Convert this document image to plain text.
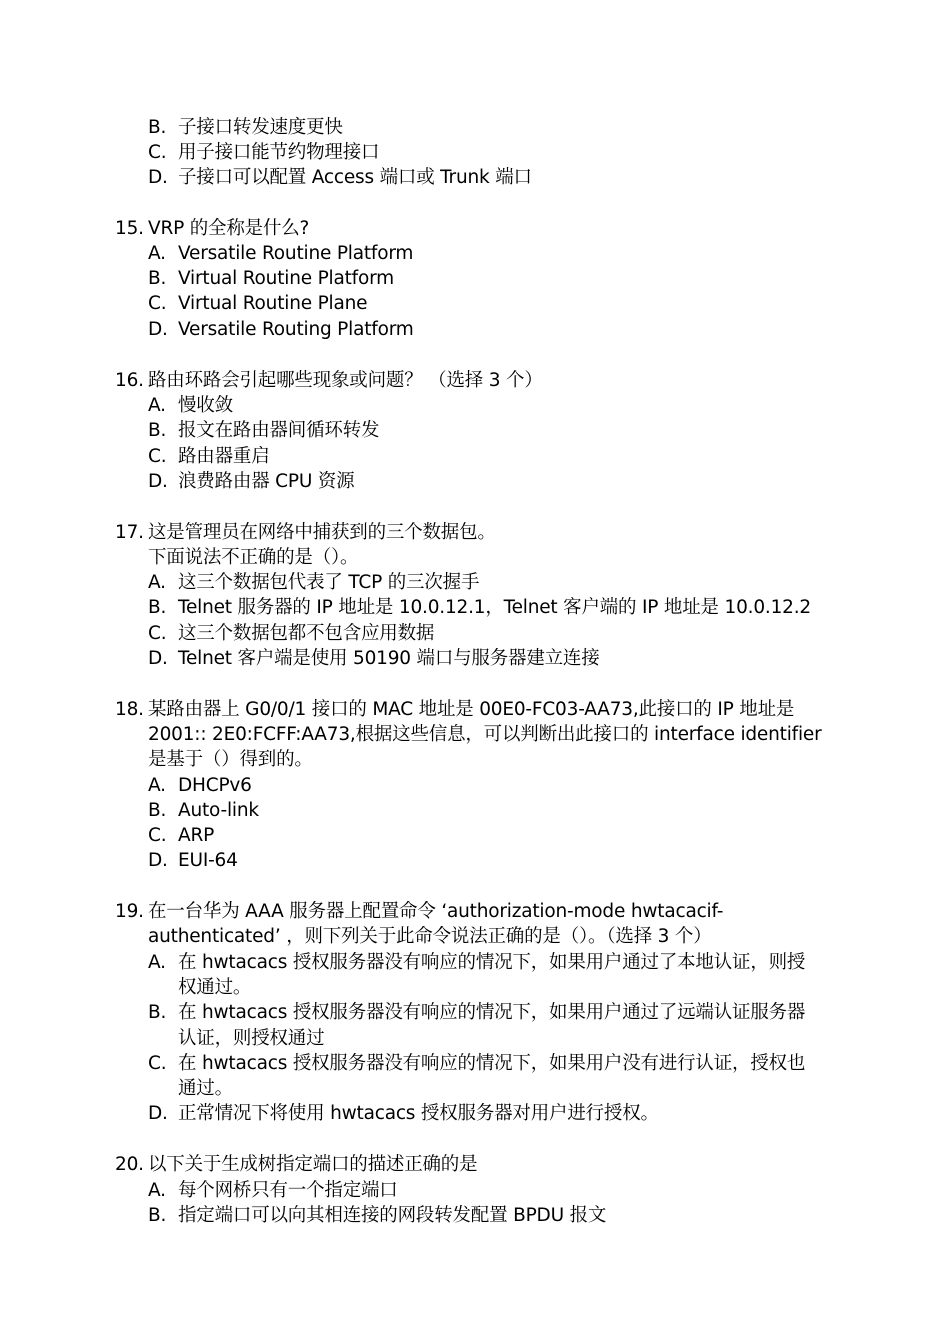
B. 子接口转发速度更快
C. 用子接口能节约物理接口
D. 子接口可以配置 Access 端口或 Trunk 端口
15. VRP 的全称是什么?
A. Versatile Routine Platform
B. Virtual Routine Platform
C. Virtual Routine Plane
D. Versatile Routing Platform
16. 路由环路会引起哪些现象或问题？ （选择 3 个）
A. 慢收敛
B. 报文在路由器间循环转发
C. 路由器重启
D. 浪费路由器 CPU 资源
17. 这是管理员在网络中捕获到的三个数据包。
下面说法不正确的是（）。
A. 这三个数据包代表了 TCP 的三次握手
B. Telnet 服务器的 IP 地址是 10.0.12.1，Telnet 客户端的 IP 地址是 10.0.12.2
C. 这三个数据包都不包含应用数据
D. Telnet 客户端是使用 50190 端口与服务器建立连接
18. 某路由器上 G0/0/1 接口的 MAC 地址是 00E0-FC03-AA73,此接口的 IP 地址是
2001:: 2E0:FCFF:AA73,根据这些信息，可以判断出此接口的 interface identifier
是基于（）得到的。
A. DHCPv6
B. Auto-link
C. ARP
D. EUI-64
19. 在一台华为 AAA 服务器上配置命令 ‘authorization-mode hwtacacif-
authenticated’ ，则下列关于此命令说法正确的是（）。（选择 3 个）
A. 在 hwtacacs 授权服务器没有响应的情况下，如果用户通过了本地认证，则授
权通过。
B. 在 hwtacacs 授权服务器没有响应的情况下，如果用户通过了远端认证服务器
认证，则授权通过
C. 在 hwtacacs 授权服务器没有响应的情况下，如果用户没有进行认证，授权也
通过。
D. 正常情况下将使用 hwtacacs 授权服务器对用户进行授权。
20. 以下关于生成树指定端口的描述正确的是
A. 每个网桥只有一个指定端口
B. 指定端口可以向其相连接的网段转发配置 BPDU 报文
